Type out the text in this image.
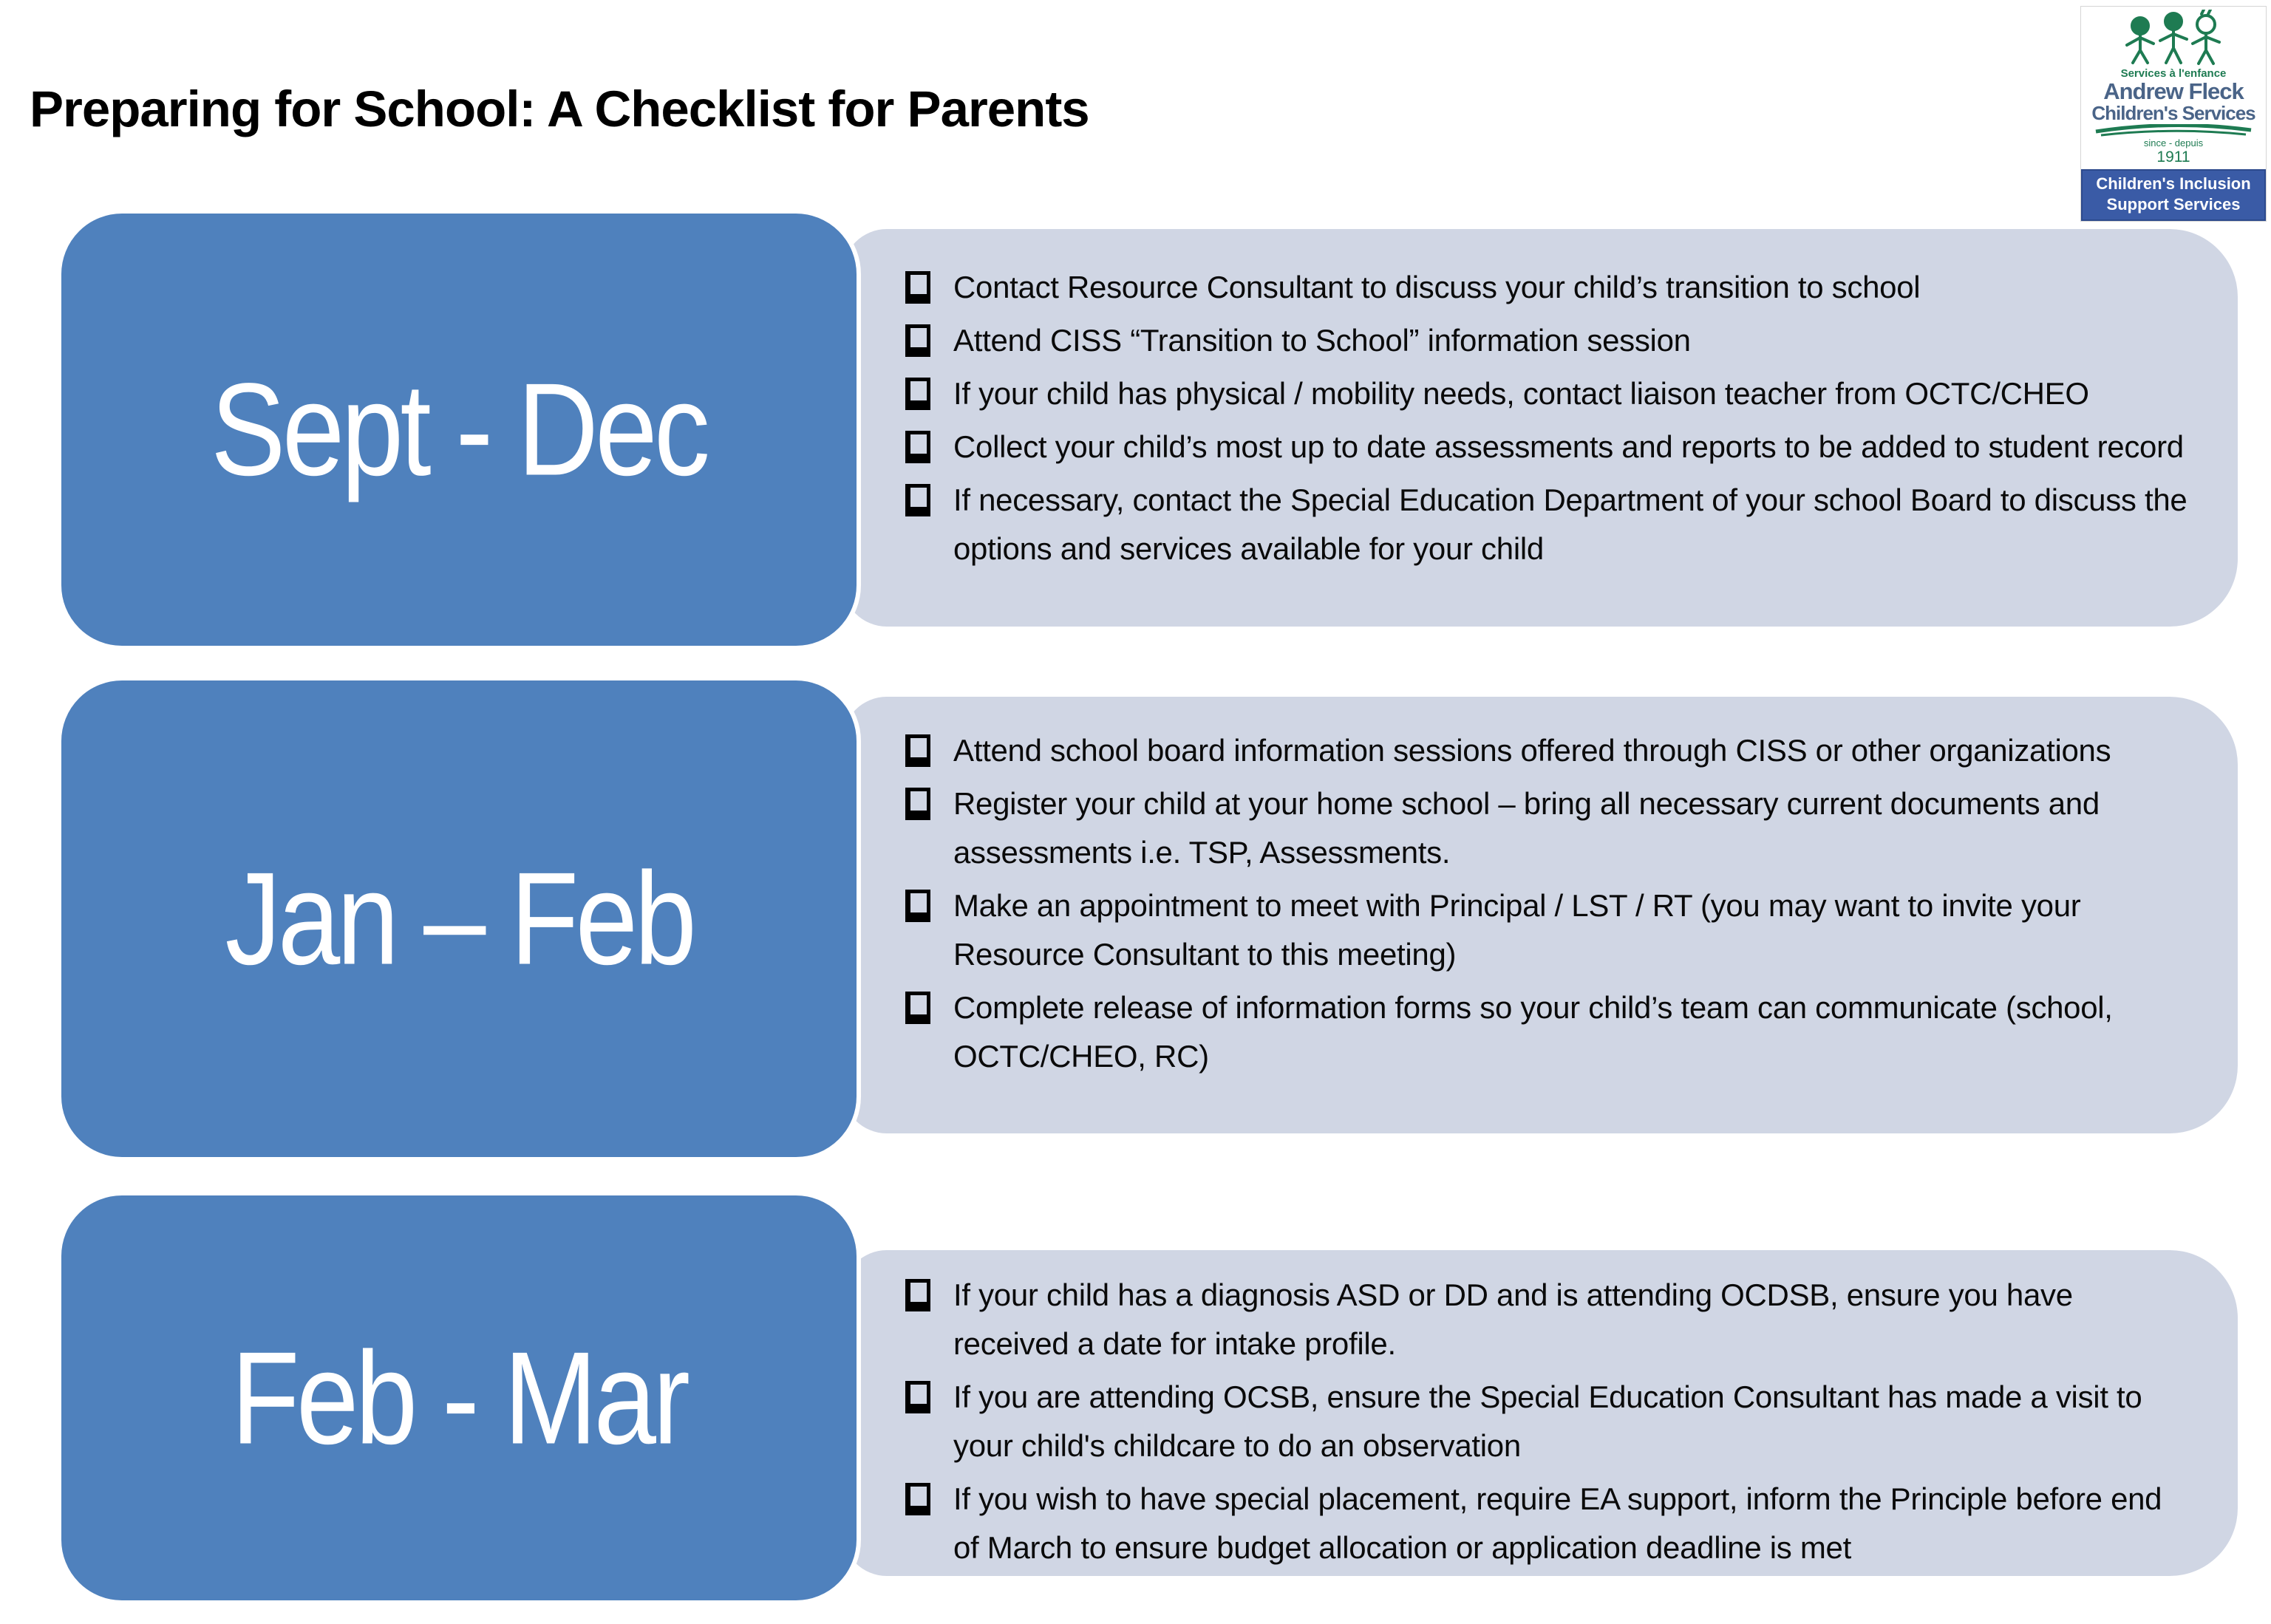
Preparing for School: A Checklist for Parents
Services à l'enfance
Andrew Fleck
Children's Services
since - depuis
1911
Children's Inclusion
Support Services
Contact Resource Consultant to discuss your child’s transition to school
Attend CISS “Transition to School” information session
If your child has physical / mobility needs, contact liaison teacher from OCTC/CHEO
Collect your child’s most up to date assessments and reports to be added to student record
If necessary, contact the Special Education Department of your school Board to discuss the options and services available for your child
Sept - Dec
Attend school board information sessions offered through CISS or other organizations
Register your child at your home school – bring all necessary current documents and assessments i.e. TSP, Assessments.
Make an appointment to meet with Principal / LST / RT (you may want to invite your Resource Consultant to this meeting)
Complete release of information forms so your child’s team can communicate (school, OCTC/CHEO, RC)
Jan – Feb
If your child has a diagnosis ASD or DD and is attending OCDSB, ensure you have received a date for intake profile.
If you are attending OCSB, ensure the Special Education Consultant has made a visit to your child's childcare to do an observation
If you wish to have special placement, require EA support, inform the Principle before end of March to ensure budget allocation or application deadline is met
Feb - Mar
